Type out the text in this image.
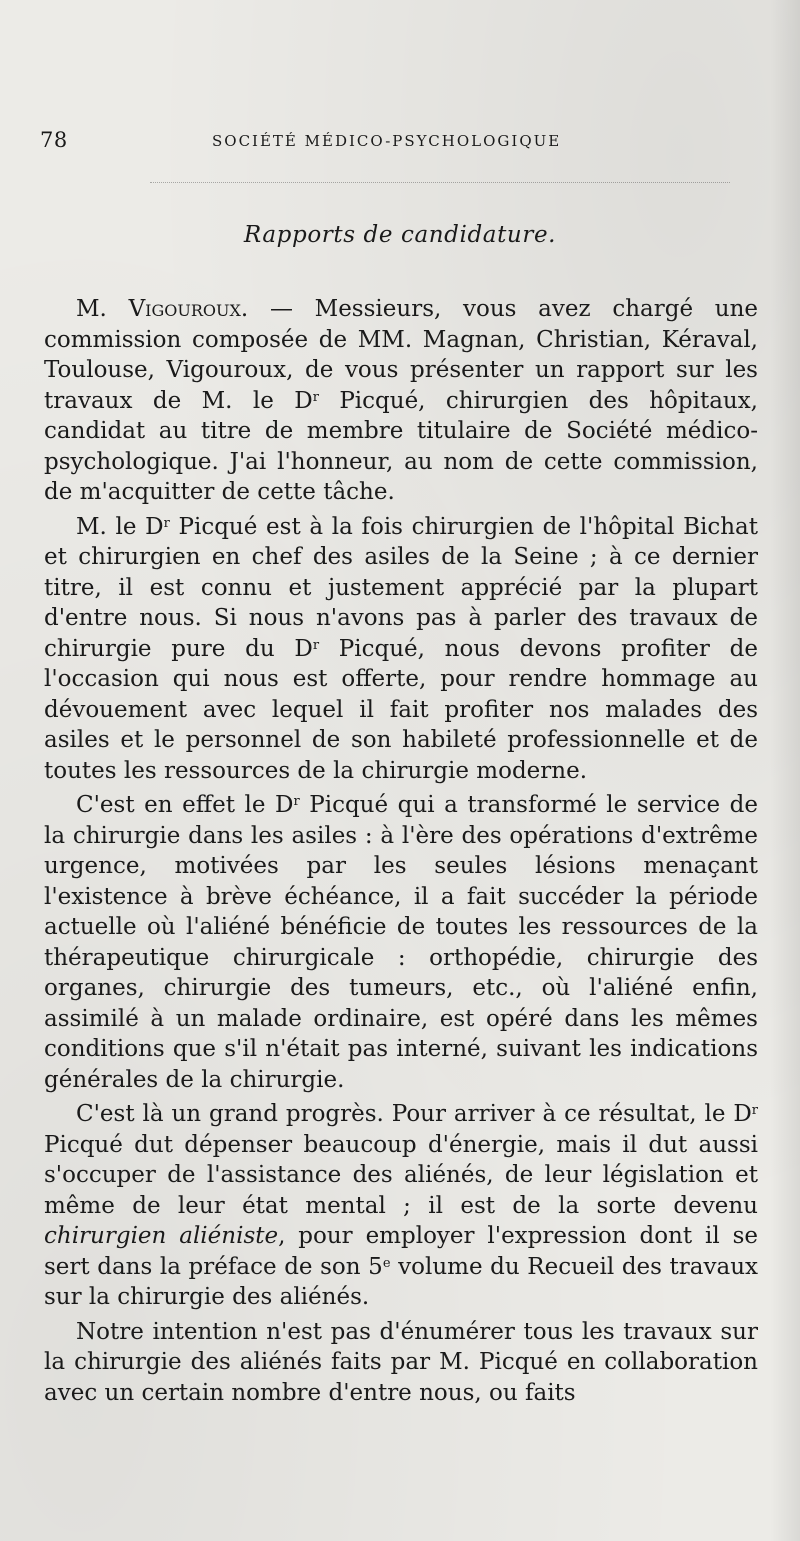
78	SOCIÉTÉ MÉDICO-PSYCHOLOGIQUE
Rapports de candidature.

M. Vigouroux. — Messieurs, vous avez chargé une commission composée de MM. Magnan, Christian, Kéraval, Toulouse, Vigouroux, de vous présenter un rapport sur les travaux de M. le $D^r$ Picqué, chirurgien des hôpitaux, candidat au titre de membre titulaire de Société médico-psychologique. J'ai l'honneur, au nom de cette commission, de m'acquitter de cette tâche.

M. le $D^r$ Picqué est à la fois chirurgien de l'hôpital Bichat et chirurgien en chef des asiles de la Seine ; à ce dernier titre, il est connu et justement apprécié par la plupart d'entre nous. Si nous n'avons pas à parler des travaux de chirurgie pure du $D^r$ Picqué, nous devons profiter de l'occasion qui nous est offerte, pour rendre hommage au dévouement avec lequel il fait profiter nos malades des asiles et le personnel de son habileté professionnelle et de toutes les ressources de la chirurgie moderne.

C'est en effet le $D^r$ Picqué qui a transformé le service de la chirurgie dans les asiles : à l'ère des opérations d'extrême urgence, motivées par les seules lésions menaçant l'existence à brève échéance, il a fait succéder la période actuelle où l'aliéné bénéficie de toutes les ressources de la thérapeutique chirurgicale : orthopédie, chirurgie des organes, chirurgie des tumeurs, etc., où l'aliéné enfin, assimilé à un malade ordinaire, est opéré dans les mêmes conditions que s'il n'était pas interné, suivant les indications générales de la chirurgie.

C'est là un grand progrès. Pour arriver à ce résultat, le $D^r$ Picqué dut dépenser beaucoup d'énergie, mais il dut aussi s'occuper de l'assistance des aliénés, de leur législation et même de leur état mental ; il est de la sorte devenu chirurgien aliéniste, pour employer l'expression dont il se sert dans la préface de son 5e volume du Recueil des travaux sur la chirurgie des aliénés.

Notre intention n'est pas d'énumérer tous les travaux sur la chirurgie des aliénés faits par M. Picqué en collaboration avec un certain nombre d'entre nous, ou faits
